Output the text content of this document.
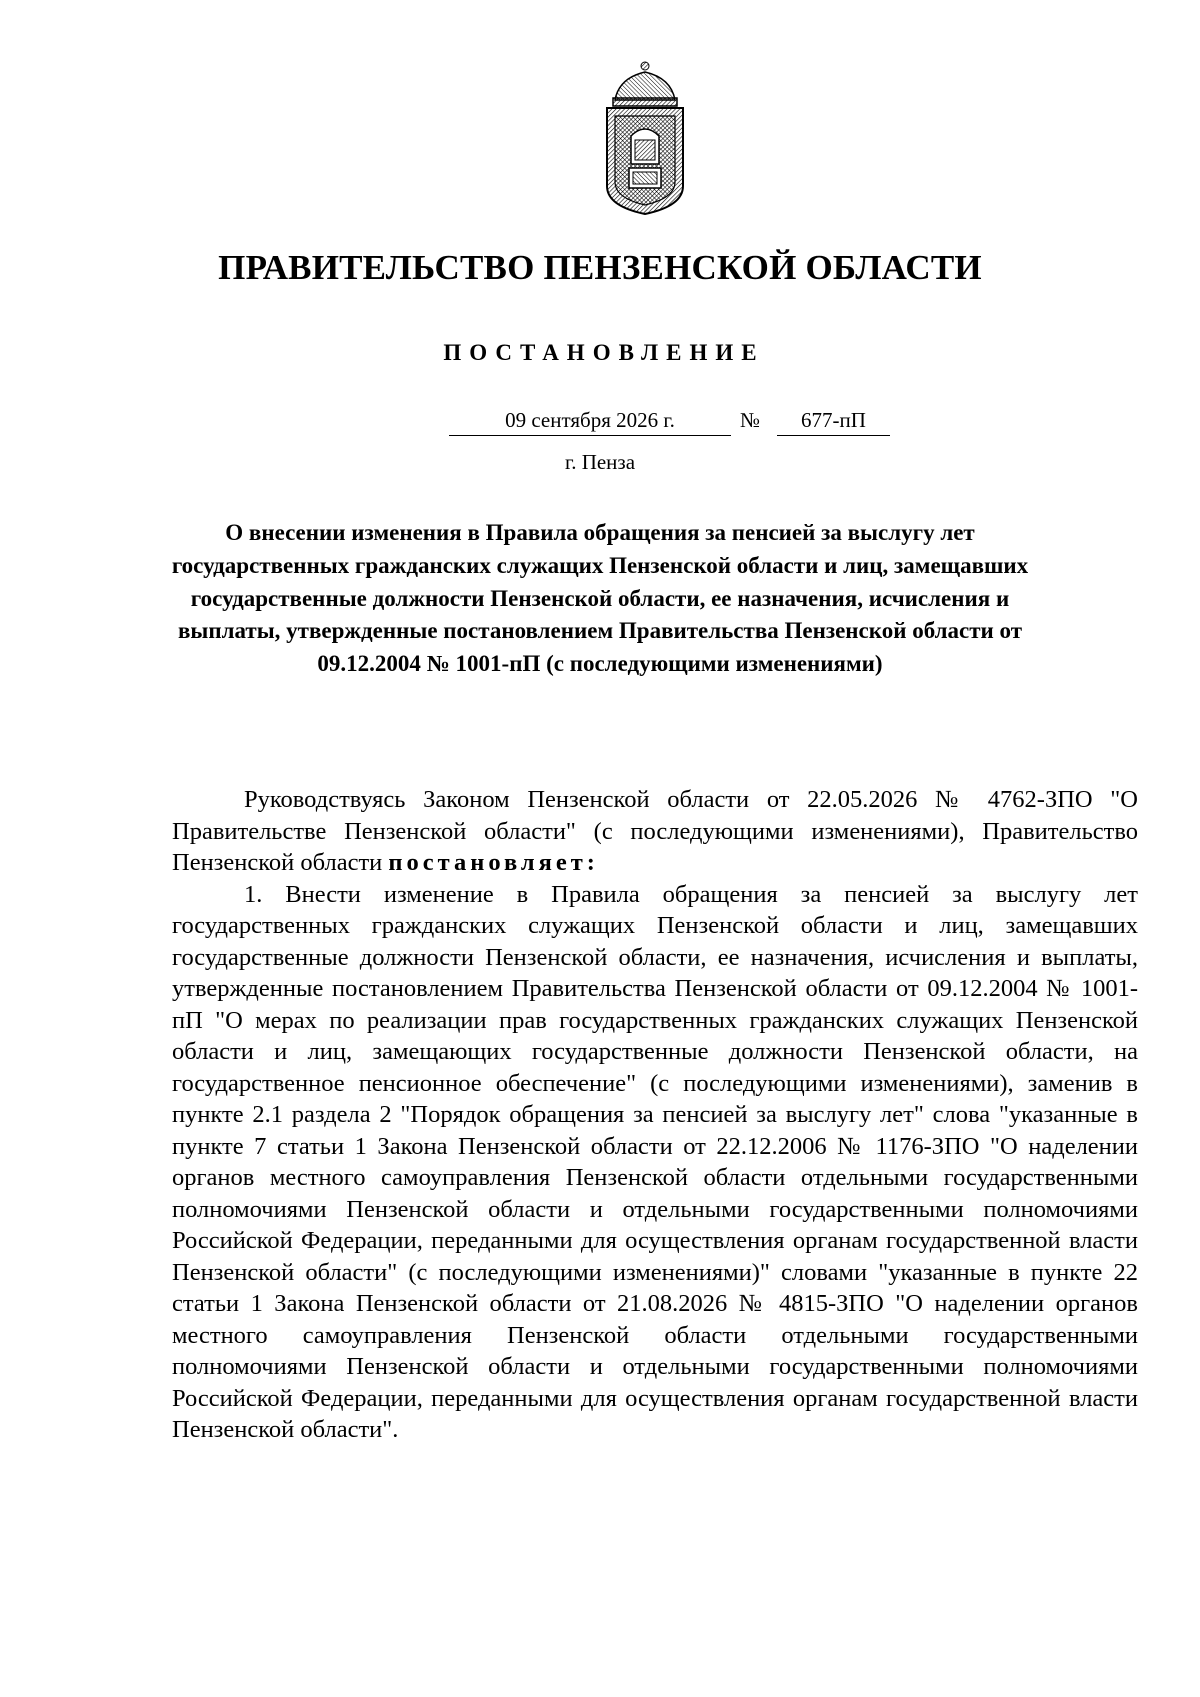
ПРАВИТЕЛЬСТВО ПЕНЗЕНСКОЙ ОБЛАСТИ
ПОСТАНОВЛЕНИЕ
09 сентября 2026 г.	№	677-пП
г. Пенза
О внесении изменения в Правила обращения за пенсией за выслугу лет государственных гражданских служащих Пензенской области и лиц, замещавших государственные должности Пензенской области, ее назначения, исчисления и выплаты, утвержденные постановлением Правительства Пензенской области от 09.12.2004 № 1001-пП (с последующими изменениями)

Руководствуясь Законом Пензенской области от 22.05.2026 № 4762-ЗПО "О Правительстве Пензенской области" (с последующими изменениями), Правительство Пензенской области постановляет:

1. Внести изменение в Правила обращения за пенсией за выслугу лет государственных гражданских служащих Пензенской области и лиц, замещавших государственные должности Пензенской области, ее назначения, исчисления и выплаты, утвержденные постановлением Правительства Пензенской области от 09.12.2004 № 1001-пП "О мерах по реализации прав государственных гражданских служащих Пензенской области и лиц, замещающих государственные должности Пензенской области, на государственное пенсионное обеспечение" (с последующими изменениями), заменив в пункте 2.1 раздела 2 "Порядок обращения за пенсией за выслугу лет" слова "указанные в пункте 7 статьи 1 Закона Пензенской области от 22.12.2006 № 1176-ЗПО "О наделении органов местного самоуправления Пензенской области отдельными государственными полномочиями Пензенской области и отдельными государственными полномочиями Российской Федерации, переданными для осуществления органам государственной власти Пензенской области" (с последующими изменениями)" словами "указанные в пункте 22 статьи 1 Закона Пензенской области от 21.08.2026 № 4815-ЗПО "О наделении органов местного самоуправления Пензенской области отдельными государственными полномочиями Пензенской области и отдельными государственными полномочиями Российской Федерации, переданными для осуществления органам государственной власти Пензенской области".
